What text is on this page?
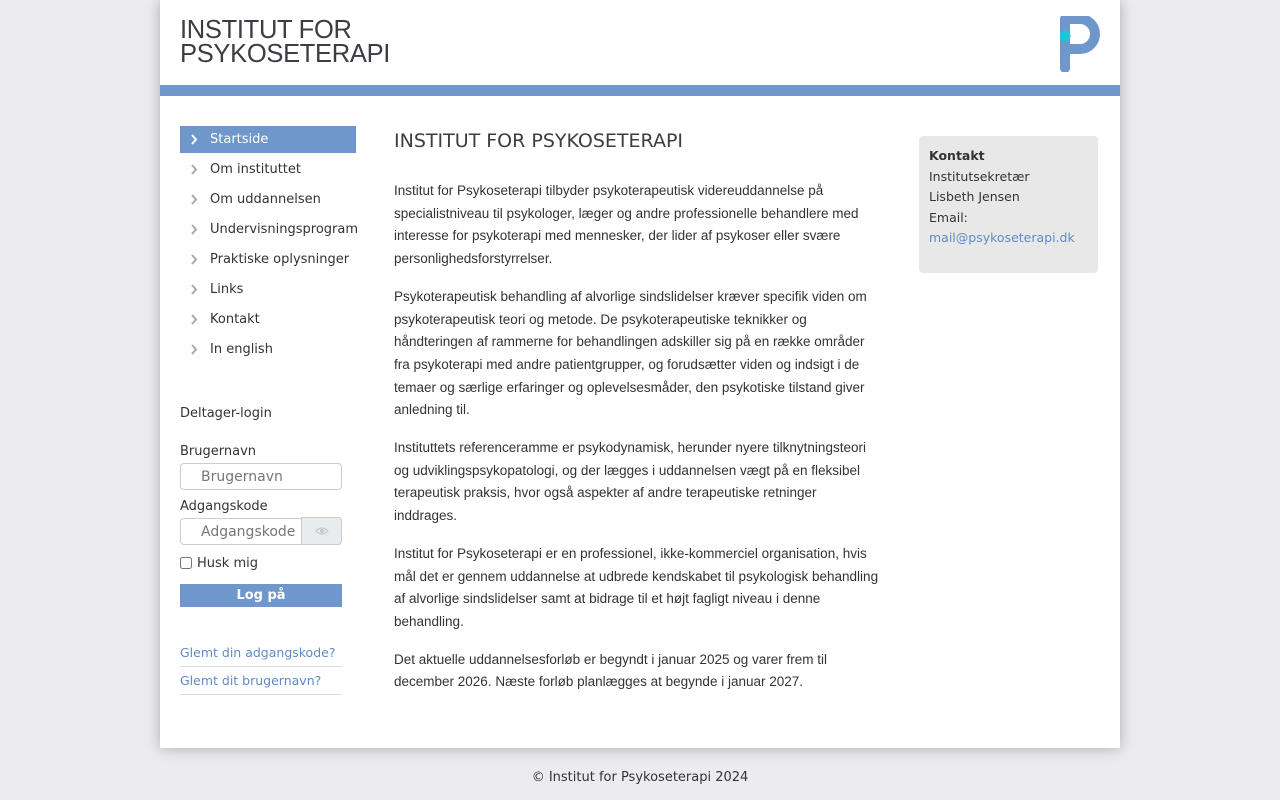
INSTITUT FOR
PSYKOSETERAPI
Startside
Om instituttet
Om uddannelsen
Undervisningsprogram
Praktiske oplysninger
Links
Kontakt
In english
Deltager-login
Brugernavn
Brugernavn
Adgangskode
Husk mig
Log på
Glemt din adgangskode?
Glemt dit brugernavn?
INSTITUT FOR PSYKOSETERAPI

Institut for Psykoseterapi tilbyder psykoterapeutisk videreuddannelse på specialistniveau til psykologer, læger og andre professionelle behandlere med interesse for psykoterapi med mennesker, der lider af psykoser eller svære personlighedsforstyrrelser.

Psykoterapeutisk behandling af alvorlige sindslidelser kræver specifik viden om psykoterapeutisk teori og metode. De psykoterapeutiske teknikker og håndteringen af rammerne for behandlingen adskiller sig på en række områder fra psykoterapi med andre patientgrupper, og forudsætter viden og indsigt i de temaer og særlige erfaringer og oplevelsesmåder, den psykotiske tilstand giver anledning til.

Instituttets referenceramme er psykodynamisk, herunder nyere tilknytningsteori og udviklingspsykopatologi, og der lægges i uddannelsen vægt på en fleksibel terapeutisk praksis, hvor også aspekter af andre terapeutiske retninger inddrages.

Institut for Psykoseterapi er en professionel, ikke-kommerciel organisation, hvis mål det er gennem uddannelse at udbrede kendskabet til psykologisk behandling af alvorlige sindslidelser samt at bidrage til et højt fagligt niveau i denne behandling.

Det aktuelle uddannelsesforløb er begyndt i januar 2025 og varer frem til december 2026. Næste forløb planlægges at begynde i januar 2027.

Kontakt
Institutsekretær
Lisbeth Jensen
Email:
mail@psykoseterapi.dk
© Institut for Psykoseterapi 2024
